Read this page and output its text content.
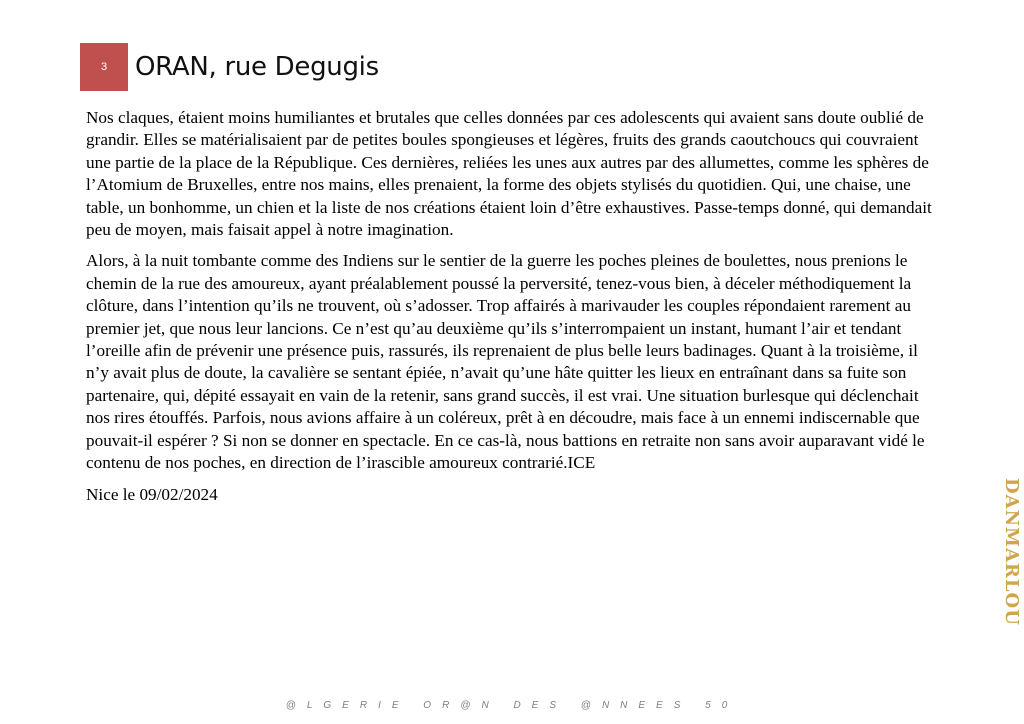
3 ORAN, rue Degugis

Nos claques, étaient moins humiliantes et brutales que celles données par ces adolescents qui avaient sans doute oublié de grandir. Elles se matérialisaient par de petites boules spongieuses et légères, fruits des grands caoutchoucs qui couvraient une partie de la place de la République. Ces dernières, reliées les unes aux autres par des allumettes, comme les sphères de l’Atomium de Bruxelles, entre nos mains, elles prenaient, la forme des objets stylisés du quotidien. Qui, une chaise, une table, un bonhomme, un chien et la liste de nos créations étaient loin d’être exhaustives. Passe-temps donné, qui demandait peu de moyen, mais faisait appel à notre imagination.

Alors, à la nuit tombante comme des Indiens sur le sentier de la guerre les poches pleines de boulettes, nous prenions le chemin de la rue des amoureux, ayant préalablement poussé la perversité, tenez-vous bien, à déceler méthodiquement la clôture, dans l’intention qu’ils ne trouvent, où s’adosser. Trop affairés à marivauder les couples répondaient rarement au premier jet, que nous leur lancions. Ce n’est qu’au deuxième qu’ils s’interrompaient un instant, humant l’air et tendant l’oreille afin de prévenir une présence puis, rassurés, ils reprenaient de plus belle leurs badinages. Quant à la troisième, il n’y avait plus de doute, la cavalière se sentant épiée, n’avait qu’une hâte quitter les lieux en entraînant dans sa fuite son partenaire, qui, dépité essayait en vain de la retenir, sans grand succès, il est vrai. Une situation burlesque qui déclenchait nos rires étouffés. Parfois, nous avions affaire à un coléreux, prêt à en découdre, mais face à un ennemi indiscernable que pouvait-il espérer ? Si non se donner en spectacle. En ce cas-là, nous battions en retraite non sans avoir auparavant vidé le contenu de nos poches, en direction de l’irascible amoureux contrarié.ICE

Nice le 09/02/2024	DANMARLOU
@LGERIE OR@N DES @NNEES 50
